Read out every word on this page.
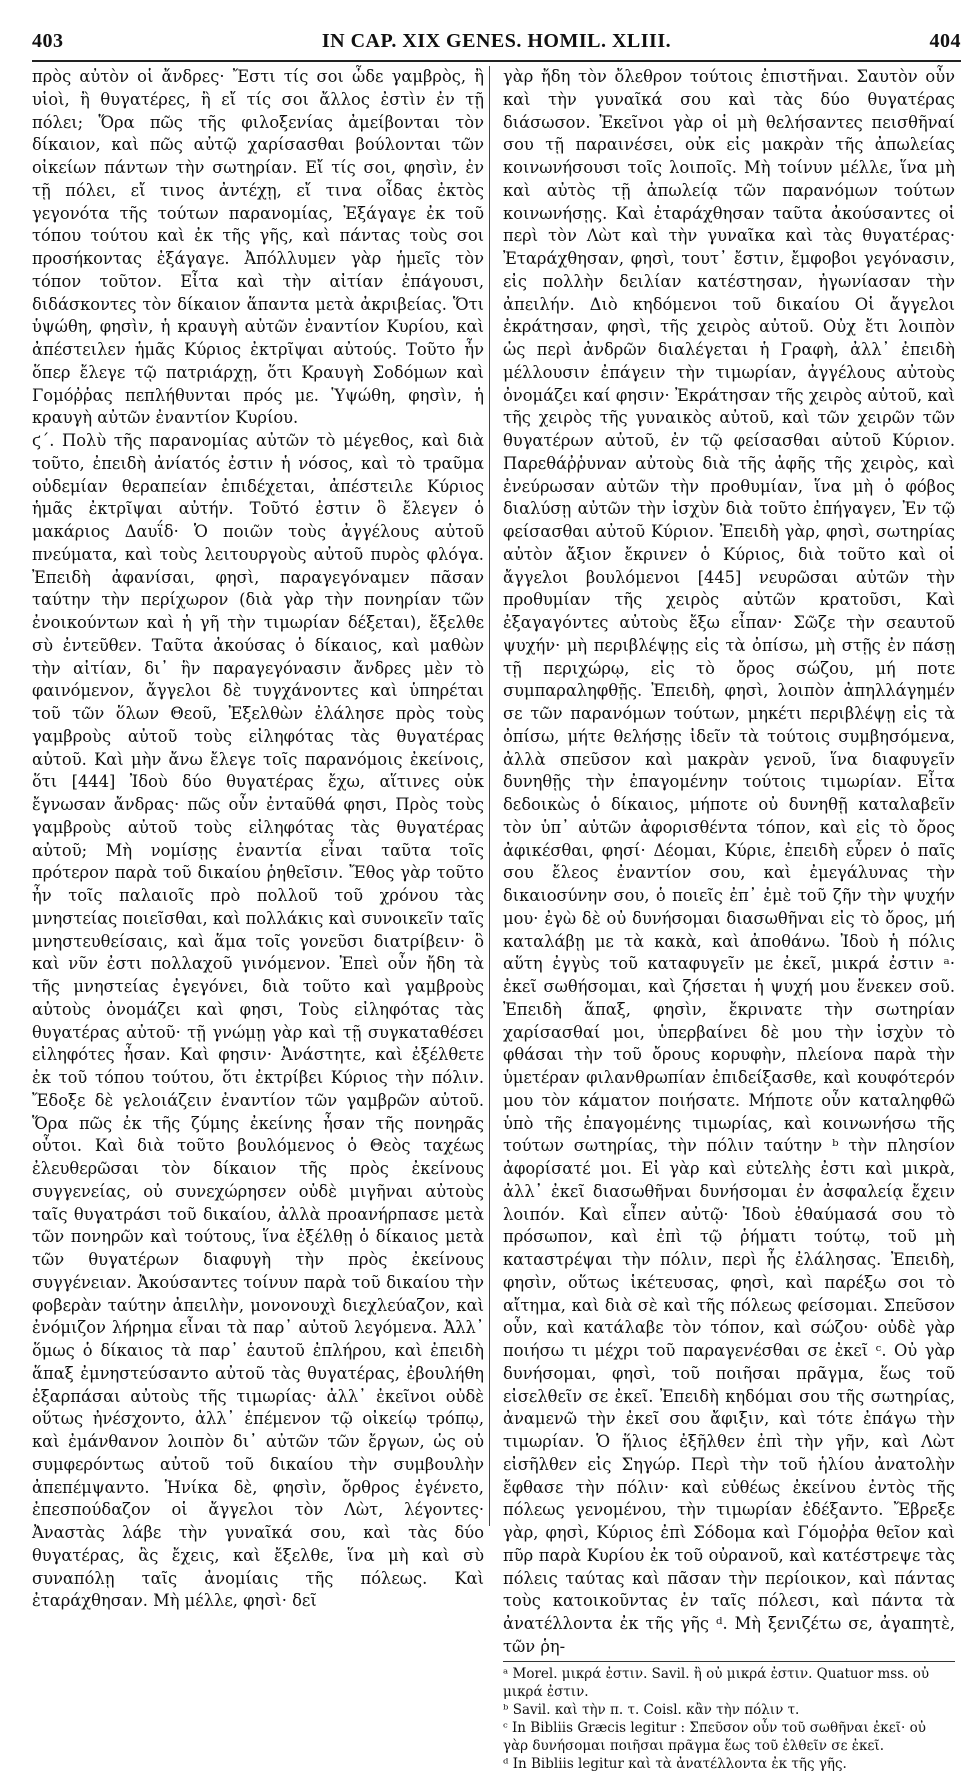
403	IN CAP. XIX GENES. HOMIL. XLIII.	404

πρὸς αὐτὸν οἱ ἄνδρες· Ἔστι τίς σοι ὧδε γαμβρὸς, ἢ υἱοὶ, ἢ θυγατέρες, ἢ εἴ τίς σοι ἄλλος ἐστὶν ἐν τῇ πόλει; Ὅρα πῶς τῆς φιλοξενίας ἀμείβονται τὸν δίκαιον, καὶ πῶς αὐτῷ χαρίσασθαι βούλονται τῶν οἰκείων πάντων τὴν σωτηρίαν. Εἴ τίς σοι, φησὶν, ἐν τῇ πόλει, εἴ τινος ἀντέχῃ, εἴ τινα οἶδας ἐκτὸς γεγονότα τῆς τούτων παρανομίας, Ἐξάγαγε ἐκ τοῦ τόπου τούτου καὶ ἐκ τῆς γῆς, καὶ πάντας τοὺς σοι προσήκοντας ἐξάγαγε. Ἀπόλλυμεν γὰρ ἡμεῖς τὸν τόπον τοῦτον. Εἶτα καὶ τὴν αἰτίαν ἐπάγουσι, διδάσκοντες τὸν δίκαιον ἅπαντα μετὰ ἀκριβείας. Ὅτι ὑψώθη, φησὶν, ἡ κραυγὴ αὐτῶν ἐναντίον Κυρίου, καὶ ἀπέστειλεν ἡμᾶς Κύριος ἐκτρῖψαι αὐτούς. Τοῦτο ἦν ὅπερ ἔλεγε τῷ πατριάρχῃ, ὅτι Κραυγὴ Σοδόμων καὶ Γομόῤῥας πεπλήθυνται πρός με. Ὑψώθη, φησὶν, ἡ κραυγὴ αὐτῶν ἐναντίον Κυρίου.

ϛ΄. Πολὺ τῆς παρανομίας αὐτῶν τὸ μέγεθος, καὶ διὰ τοῦτο, ἐπειδὴ ἀνίατός ἐστιν ἡ νόσος, καὶ τὸ τραῦμα οὐδεμίαν θεραπείαν ἐπιδέχεται, ἀπέστειλε Κύριος ἡμᾶς ἐκτρῖψαι αὐτήν. Τοῦτό ἐστιν ὃ ἔλεγεν ὁ μακάριος Δαυΐδ· Ὁ ποιῶν τοὺς ἀγγέλους αὐτοῦ πνεύματα, καὶ τοὺς λειτουργοὺς αὐτοῦ πυρὸς φλόγα. Ἐπειδὴ ἀφανίσαι, φησὶ, παραγεγόναμεν πᾶσαν ταύτην τὴν περίχωρον (διὰ γὰρ τὴν πονηρίαν τῶν ἐνοικούντων καὶ ἡ γῆ τὴν τιμωρίαν δέξεται), ἔξελθε σὺ ἐντεῦθεν. Ταῦτα ἀκούσας ὁ δίκαιος, καὶ μαθὼν τὴν αἰτίαν, δι᾽ ἣν παραγεγόνασιν ἄνδρες μὲν τὸ φαινόμενον, ἄγγελοι δὲ τυγχάνοντες καὶ ὑπηρέται τοῦ τῶν ὅλων Θεοῦ, Ἐξελθὼν ἐλάλησε πρὸς τοὺς γαμβροὺς αὐτοῦ τοὺς εἰληφότας τὰς θυγατέρας αὐτοῦ. Καὶ μὴν ἄνω ἔλεγε τοῖς παρανόμοις ἐκείνοις, ὅτι [444] Ἰδοὺ δύο θυγατέρας ἔχω, αἵτινες οὐκ ἔγνωσαν ἄνδρας· πῶς οὖν ἐνταῦθά φησι, Πρὸς τοὺς γαμβροὺς αὐτοῦ τοὺς εἰληφότας τὰς θυγατέρας αὐτοῦ; Μὴ νομίσῃς ἐναντία εἶναι ταῦτα τοῖς πρότερον παρὰ τοῦ δικαίου ῥηθεῖσιν. Ἔθος γὰρ τοῦτο ἦν τοῖς παλαιοῖς πρὸ πολλοῦ τοῦ χρόνου τὰς μνηστείας ποιεῖσθαι, καὶ πολλάκις καὶ συνοικεῖν ταῖς μνηστευθείσαις, καὶ ἅμα τοῖς γονεῦσι διατρίβειν· ὃ καὶ νῦν ἐστι πολλαχοῦ γινόμενον. Ἐπεὶ οὖν ἤδη τὰ τῆς μνηστείας ἐγεγόνει, διὰ τοῦτο καὶ γαμβροὺς αὐτοὺς ὀνομάζει καὶ φησι, Τοὺς εἰληφότας τὰς θυγατέρας αὐτοῦ· τῇ γνώμῃ γὰρ καὶ τῇ συγκαταθέσει εἰληφότες ἦσαν. Καὶ φησιν· Ἀνάστητε, καὶ ἐξέλθετε ἐκ τοῦ τόπου τούτου, ὅτι ἐκτρίβει Κύριος τὴν πόλιν. Ἔδοξε δὲ γελοιάζειν ἐναντίον τῶν γαμβρῶν αὐτοῦ. Ὅρα πῶς ἐκ τῆς ζύμης ἐκείνης ἦσαν τῆς πονηρᾶς οὗτοι. Καὶ διὰ τοῦτο βουλόμενος ὁ Θεὸς ταχέως ἐλευθερῶσαι τὸν δίκαιον τῆς πρὸς ἐκείνους συγγενείας, οὐ συνεχώρησεν οὐδὲ μιγῆναι αὐτοὺς ταῖς θυγατράσι τοῦ δικαίου, ἀλλὰ προανήρπασε μετὰ τῶν πονηρῶν καὶ τούτους, ἵνα ἐξέλθῃ ὁ δίκαιος μετὰ τῶν θυγατέρων διαφυγὴ τὴν πρὸς ἐκείνους συγγένειαν. Ἀκούσαντες τοίνυν παρὰ τοῦ δικαίου τὴν φοβερὰν ταύτην ἀπειλὴν, μονονουχὶ διεχλεύαζον, καὶ ἐνόμιζον λήρημα εἶναι τὰ παρ᾽ αὐτοῦ λεγόμενα. Ἀλλ᾽ ὅμως ὁ δίκαιος τὰ παρ᾽ ἑαυτοῦ ἐπλήρου, καὶ ἐπειδὴ ἅπαξ ἐμνηστεύσαντο αὐτοῦ τὰς θυγατέρας, ἐβουλήθη ἐξαρπάσαι αὐτοὺς τῆς τιμωρίας· ἀλλ᾽ ἐκεῖνοι οὐδὲ οὕτως ἠνέσχοντο, ἀλλ᾽ ἐπέμενον τῷ οἰκείῳ τρόπῳ, καὶ ἐμάνθανον λοιπὸν δι᾽ αὐτῶν τῶν ἔργων, ὡς οὐ συμφερόντως αὐτοῦ τοῦ δικαίου τὴν συμβουλὴν ἀπεπέμψαντο. Ἡνίκα δὲ, φησὶν, ὄρθρος ἐγένετο, ἐπεσπούδαζον οἱ ἄγγελοι τὸν Λὼτ, λέγοντες· Ἀναστὰς λάβε τὴν γυναῖκά σου, καὶ τὰς δύο θυγατέρας, ἃς ἔχεις, καὶ ἔξελθε, ἵνα μὴ καὶ σὺ συναπόλῃ ταῖς ἀνομίαις τῆς πόλεως. Καὶ ἐταράχθησαν. Μὴ μέλλε, φησὶ· δεῖ

γὰρ ἤδη τὸν ὄλεθρον τούτοις ἐπιστῆναι. Σαυτὸν οὖν καὶ τὴν γυναῖκά σου καὶ τὰς δύο θυγατέρας διάσωσον. Ἐκεῖνοι γὰρ οἱ μὴ θελήσαντες πεισθῆναί σου τῇ παραινέσει, οὐκ εἰς μακρὰν τῆς ἀπωλείας κοινωνήσουσι τοῖς λοιποῖς. Μὴ τοίνυν μέλλε, ἵνα μὴ καὶ αὐτὸς τῇ ἀπωλείᾳ τῶν παρανόμων τούτων κοινωνήσῃς. Καὶ ἐταράχθησαν ταῦτα ἀκούσαντες οἱ περὶ τὸν Λὼτ καὶ τὴν γυναῖκα καὶ τὰς θυγατέρας· Ἐταράχθησαν, φησὶ, τουτ᾽ ἔστιν, ἔμφοβοι γεγόνασιν, εἰς πολλὴν δειλίαν κατέστησαν, ἠγωνίασαν τὴν ἀπειλήν. Διὸ κηδόμενοι τοῦ δικαίου Οἱ ἄγγελοι ἐκράτησαν, φησὶ, τῆς χειρὸς αὐτοῦ. Οὐχ ἔτι λοιπὸν ὡς περὶ ἀνδρῶν διαλέγεται ἡ Γραφὴ, ἀλλ᾽ ἐπειδὴ μέλλουσιν ἐπάγειν τὴν τιμωρίαν, ἀγγέλους αὐτοὺς ὀνομάζει καί φησιν· Ἐκράτησαν τῆς χειρὸς αὐτοῦ, καὶ τῆς χειρὸς τῆς γυναικὸς αὐτοῦ, καὶ τῶν χειρῶν τῶν θυγατέρων αὐτοῦ, ἐν τῷ φείσασθαι αὐτοῦ Κύριον. Παρεθάῤῥυναν αὐτοὺς διὰ τῆς ἀφῆς τῆς χειρὸς, καὶ ἐνεύρωσαν αὐτῶν τὴν προθυμίαν, ἵνα μὴ ὁ φόβος διαλύσῃ αὐτῶν τὴν ἰσχὺν διὰ τοῦτο ἐπήγαγεν, Ἐν τῷ φείσασθαι αὐτοῦ Κύριον. Ἐπειδὴ γὰρ, φησὶ, σωτηρίας αὐτὸν ἄξιον ἔκρινεν ὁ Κύριος, διὰ τοῦτο καὶ οἱ ἄγγελοι βουλόμενοι [445] νευρῶσαι αὐτῶν τὴν προθυμίαν τῆς χειρὸς αὐτῶν κρατοῦσι, Καὶ ἐξαγαγόντες αὐτοὺς ἔξω εἶπαν· Σῶζε τὴν σεαυτοῦ ψυχήν· μὴ περιβλέψῃς εἰς τὰ ὀπίσω, μὴ στῇς ἐν πάσῃ τῇ περιχώρῳ, εἰς τὸ ὄρος σώζου, μή ποτε συμπαραληφθῇς. Ἐπειδὴ, φησὶ, λοιπὸν ἀπηλλάγημέν σε τῶν παρανόμων τούτων, μηκέτι περιβλέψῃ εἰς τὰ ὀπίσω, μήτε θελήσῃς ἰδεῖν τὰ τούτοις συμβησόμενα, ἀλλὰ σπεῦσον καὶ μακρὰν γενοῦ, ἵνα διαφυγεῖν δυνηθῇς τὴν ἐπαγομένην τούτοις τιμωρίαν. Εἶτα δεδοικὼς ὁ δίκαιος, μήποτε οὐ δυνηθῇ καταλαβεῖν τὸν ὑπ᾽ αὐτῶν ἀφορισθέντα τόπον, καὶ εἰς τὸ ὄρος ἀφικέσθαι, φησί· Δέομαι, Κύριε, ἐπειδὴ εὗρεν ὁ παῖς σου ἔλεος ἐναντίον σου, καὶ ἐμεγάλυνας τὴν δικαιοσύνην σου, ὁ ποιεῖς ἐπ᾽ ἐμὲ τοῦ ζῆν τὴν ψυχήν μου· ἐγὼ δὲ οὐ δυνήσομαι διασωθῆναι εἰς τὸ ὄρος, μή καταλάβῃ με τὰ κακὰ, καὶ ἀποθάνω. Ἰδοὺ ἡ πόλις αὕτη ἐγγὺς τοῦ καταφυγεῖν με ἐκεῖ, μικρά ἐστιν ᵃ· ἐκεῖ σωθήσομαι, καὶ ζήσεται ἡ ψυχή μου ἕνεκεν σοῦ. Ἐπειδὴ ἅπαξ, φησὶν, ἔκρινατε τὴν σωτηρίαν χαρίσασθαί μοι, ὑπερβαίνει δὲ μου τὴν ἰσχὺν τὸ φθάσαι τὴν τοῦ ὄρους κορυφὴν, πλείονα παρὰ τὴν ὑμετέραν φιλανθρωπίαν ἐπιδείξασθε, καὶ κουφότερόν μου τὸν κάματον ποιήσατε. Μήποτε οὖν καταληφθῶ ὑπὸ τῆς ἐπαγομένης τιμωρίας, καὶ κοινωνήσω τῆς τούτων σωτηρίας, τὴν πόλιν ταύτην ᵇ τὴν πλησίον ἀφορίσατέ μοι. Εἰ γὰρ καὶ εὐτελὴς ἐστι καὶ μικρὰ, ἀλλ᾽ ἐκεῖ διασωθῆναι δυνήσομαι ἐν ἀσφαλείᾳ ἔχειν λοιπόν. Καὶ εἶπεν αὐτῷ· Ἰδοὺ ἐθαύμασά σου τὸ πρόσωπον, καὶ ἐπὶ τῷ ῥήματι τούτῳ, τοῦ μὴ καταστρέψαι τὴν πόλιν, περὶ ἧς ἐλάλησας. Ἐπειδὴ, φησὶν, οὕτως ἱκέτευσας, φησὶ, καὶ παρέξω σοι τὸ αἴτημα, καὶ διὰ σὲ καὶ τῆς πόλεως φείσομαι. Σπεῦσον οὖν, καὶ κατάλαβε τὸν τόπον, καὶ σώζου· οὐδὲ γὰρ ποιήσω τι μέχρι τοῦ παραγενέσθαι σε ἐκεῖ ᶜ. Οὐ γὰρ δυνήσομαι, φησὶ, τοῦ ποιῆσαι πρᾶγμα, ἕως τοῦ εἰσελθεῖν σε ἐκεῖ. Ἐπειδὴ κηδόμαι σου τῆς σωτηρίας, ἀναμενῶ τὴν ἐκεῖ σου ἄφιξιν, καὶ τότε ἐπάγω τὴν τιμωρίαν. Ὁ ἥλιος ἐξῆλθεν ἐπὶ τὴν γῆν, καὶ Λὼτ εἰσῆλθεν εἰς Σηγώρ. Περὶ τὴν τοῦ ἡλίου ἀνατολὴν ἔφθασε τὴν πόλιν· καὶ εὐθέως ἐκείνου ἐντὸς τῆς πόλεως γενομένου, τὴν τιμωρίαν ἐδέξαντο. Ἔβρεξε γὰρ, φησὶ, Κύριος ἐπὶ Σόδομα καὶ Γόμοῤῥα θεῖον καὶ πῦρ παρὰ Κυρίου ἐκ τοῦ οὐρανοῦ, καὶ κατέστρεψε τὰς πόλεις ταύτας καὶ πᾶσαν τὴν περίοικον, καὶ πάντας τοὺς κατοικοῦντας ἐν ταῖς πόλεσι, καὶ πάντα τὰ ἀνατέλλοντα ἐκ τῆς γῆς ᵈ. Μὴ ξενιζέτω σε, ἀγαπητὲ, τῶν ῥη-

ᵃ Morel. μικρά ἐστιν. Savil. ἢ οὐ μικρά ἐστιν. Quatuor mss. οὐ μικρά ἐστιν.
ᵇ Savil. καὶ τὴν π. τ. Coisl. κἂν τὴν πόλιν τ.
ᶜ In Bibliis Græcis legitur : Σπεῦσον οὖν τοῦ σωθῆναι ἐκεῖ· οὐ γὰρ δυνήσομαι ποιῆσαι πρᾶγμα ἕως τοῦ ἐλθεῖν σε ἐκεῖ.
ᵈ In Bibliis legitur καὶ τὰ ἀνατέλλοντα ἐκ τῆς γῆς.
